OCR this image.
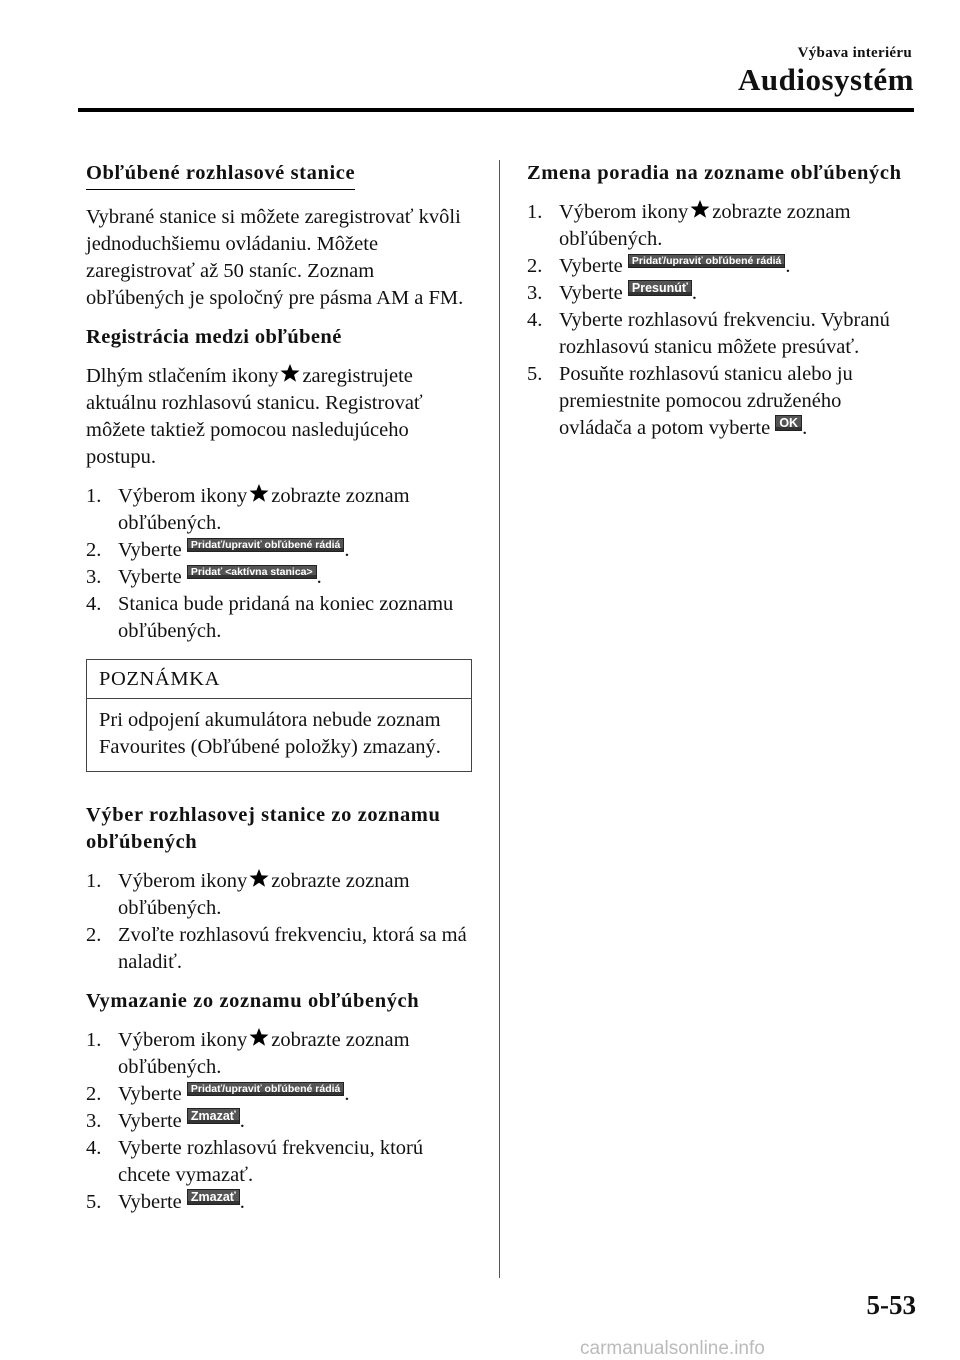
Výbava interiéru
Audiosystém
Obľúbené rozhlasové stanice

Vybrané stanice si môžete zaregistrovať kvôli jednoduchšiemu ovládaniu. Môžete zaregistrovať až 50 staníc. Zoznam obľúbených je spoločný pre pásma AM a FM.

Registrácia medzi obľúbené

Dlhým stlačením ikony zaregistrujete aktuálnu rozhlasovú stanicu. Registrovať môžete taktiež pomocou nasledujúceho postupu.

1. Výberom ikony zobrazte zoznam obľúbených.
2. Vyberte Pridať/upraviť obľúbené rádiá .
3. Vyberte Pridať <aktívna stanica> .
4. Stanica bude pridaná na koniec zoznamu obľúbených.
POZNÁMKA
Pri odpojení akumulátora nebude zoznam Favourites (Obľúbené položky) zmazaný.
Výber rozhlasovej stanice zo zoznamu obľúbených
1. Výberom ikony zobrazte zoznam obľúbených.
2. Zvoľte rozhlasovú frekvenciu, ktorá sa má naladiť.
Vymazanie zo zoznamu obľúbených
1. Výberom ikony zobrazte zoznam obľúbených.
2. Vyberte Pridať/upraviť obľúbené rádiá .
3. Vyberte Zmazať .
4. Vyberte rozhlasovú frekvenciu, ktorú chcete vymazať.
5. Vyberte Zmazať .
Zmena poradia na zozname obľúbených
1. Výberom ikony zobrazte zoznam obľúbených.
2. Vyberte Pridať/upraviť obľúbené rádiá .
3. Vyberte Presunúť .
4. Vyberte rozhlasovú frekvenciu. Vybranú rozhlasovú stanicu môžete presúvať.
5. Posuňte rozhlasovú stanicu alebo ju premiestnite pomocou združeného ovládača a potom vyberte OK .
5-53
carmanualsonline.info
